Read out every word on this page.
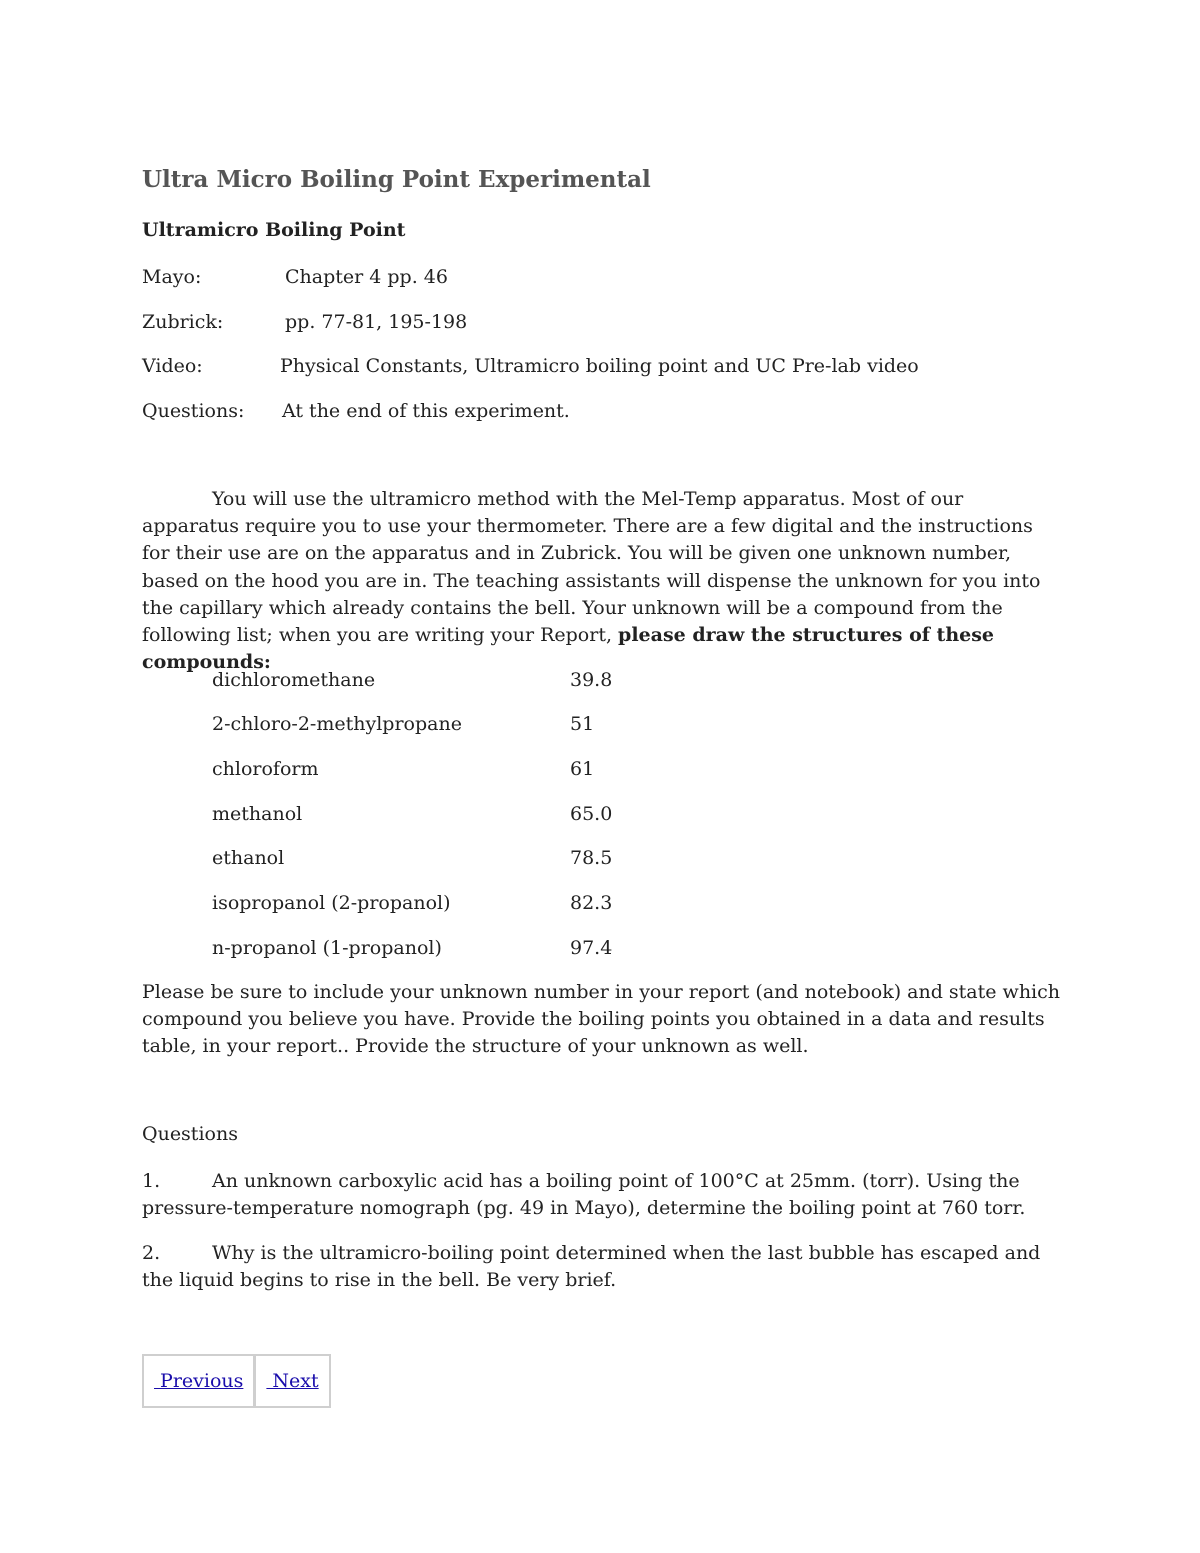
Ultra Micro Boiling Point Experimental
Ultramicro Boiling Point
Mayo:	Chapter 4 pp. 46
Zubrick:	pp. 77-81, 195-198
Video:	Physical Constants, Ultramicro boiling point and UC Pre-lab video
Questions: At the end of this experiment.
You will use the ultramicro method with the Mel-Temp apparatus. Most of our apparatus require you to use your thermometer. There are a few digital and the instructions for their use are on the apparatus and in Zubrick. You will be given one unknown number, based on the hood you are in. The teaching assistants will dispense the unknown for you into the capillary which already contains the bell. Your unknown will be a compound from the following list; when you are writing your Report, please draw the structures of these compounds:
dichloromethane	39.8
2-chloro-2-methylpropane	51
chloroform	61
methanol	65.0
ethanol	78.5
isopropanol (2-propanol)	82.3
n-propanol (1-propanol)	97.4
Please be sure to include your unknown number in your report (and notebook) and state which compound you believe you have. Provide the boiling points you obtained in a data and results table, in your report.. Provide the structure of your unknown as well.
Questions
1.	An unknown carboxylic acid has a boiling point of 100°C at 25mm. (torr). Using the pressure-temperature nomograph (pg. 49 in Mayo), determine the boiling point at 760 torr.
2.	Why is the ultramicro-boiling point determined when the last bubble has escaped and the liquid begins to rise in the bell. Be very brief.
Previous	Next
